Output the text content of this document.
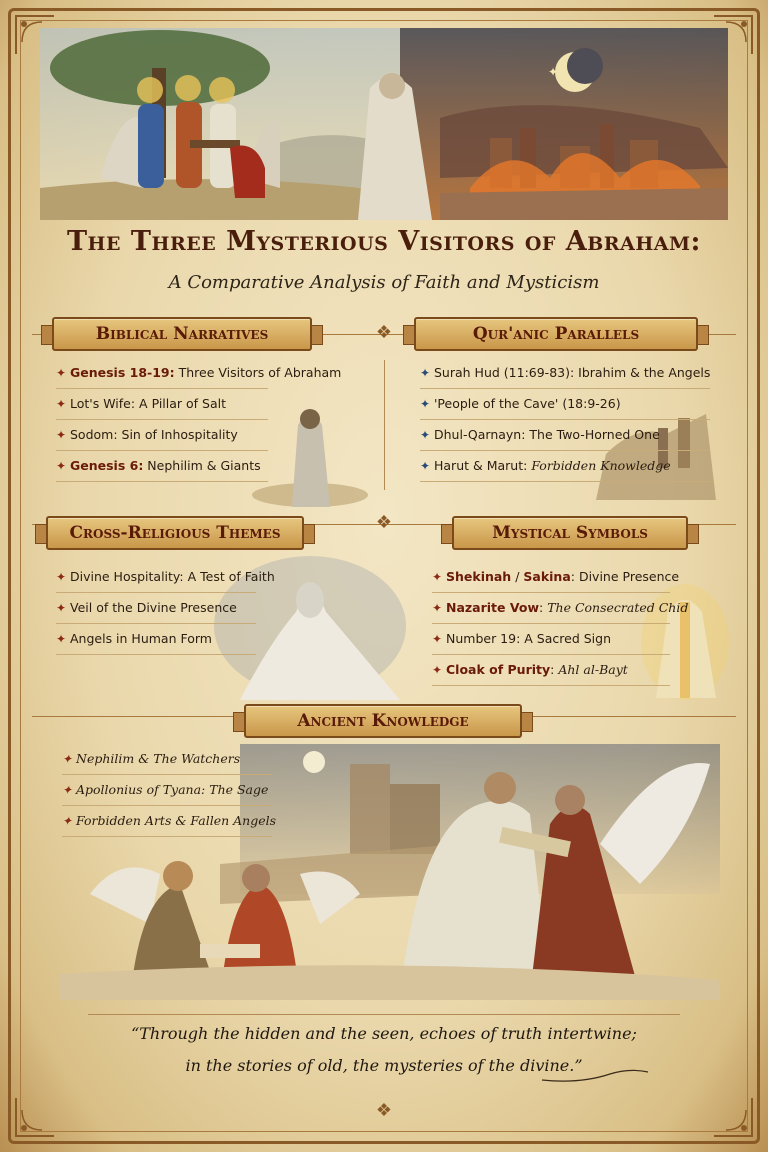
✦
The Three Mysterious Visitors of Abraham:
A Comparative Analysis of Faith and Mysticism
❖
Biblical Narratives	Qur'anic Parallels
✦ Genesis 18-19: Three Visitors of Abraham
✦ Lot's Wife: A Pillar of Salt
✦ Sodom: Sin of Inhospitality
✦ Genesis 6: Nephilim & Giants
✦ Surah Hud (11:69-83): Ibrahim & the Angels
✦ 'People of the Cave' (18:9-26)
✦ Dhul-Qarnayn: The Two-Horned One
✦ Harut & Marut: Forbidden Knowledge
❖
Cross-Religious Themes	Mystical Symbols
✦ Divine Hospitality: A Test of Faith
✦ Veil of the Divine Presence
✦ Angels in Human Form
✦ Shekinah / Sakina: Divine Presence
✦ Nazarite Vow: The Consecrated Chid
✦ Number 19: A Sacred Sign
✦ Cloak of Purity: Ahl al-Bayt
Ancient Knowledge
✦ Nephilim & The Watchers
✦ Apollonius of Tyana: The Sage
✦ Forbidden Arts & Fallen Angels
“Through the hidden and the seen, echoes of truth intertwine;
in the stories of old, the mysteries of the divine.”
❖
